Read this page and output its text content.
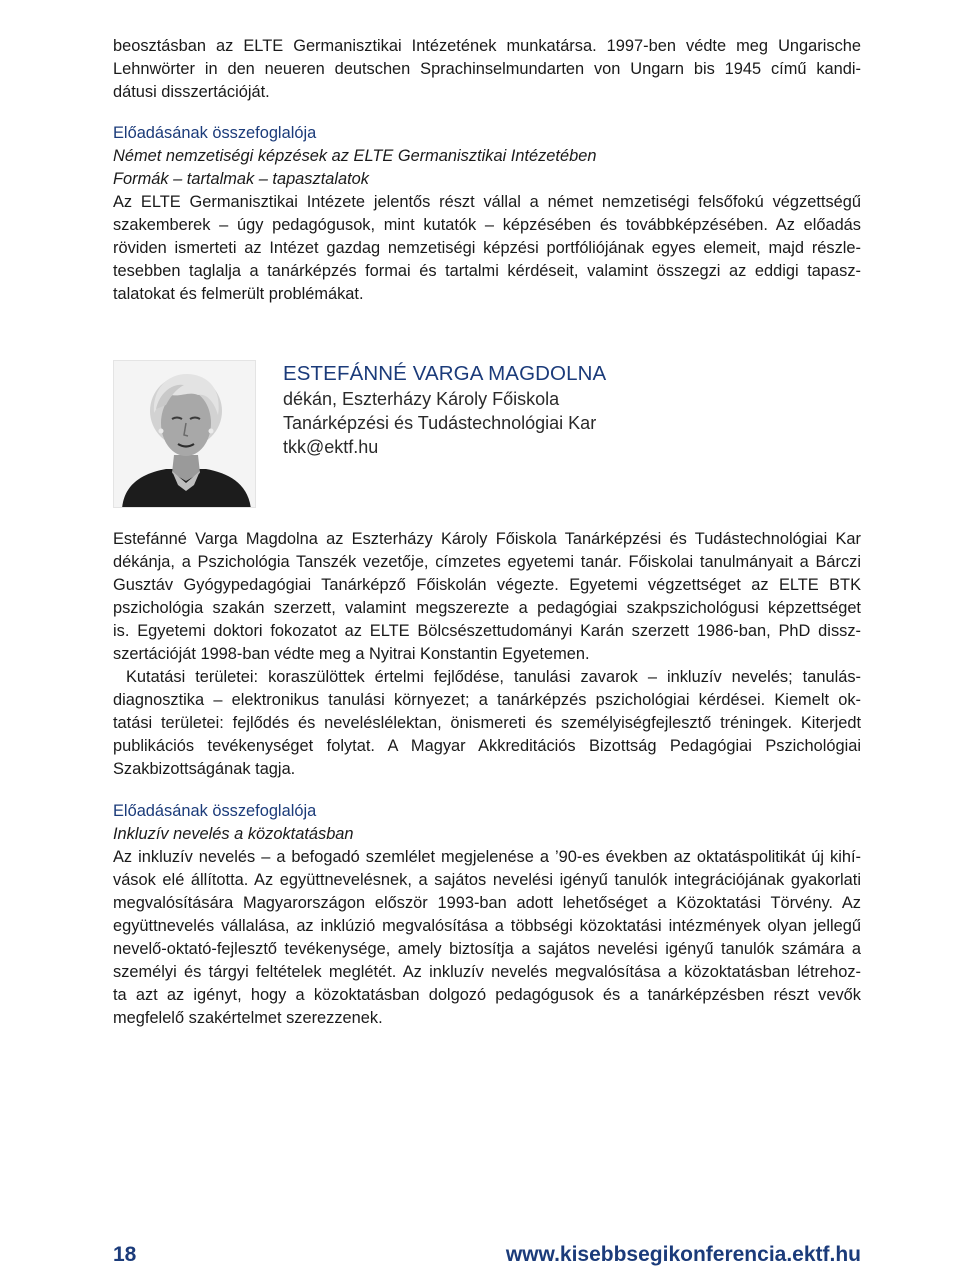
beosztásban az ELTE Germanisztikai Intézetének munkatársa. 1997-ben védte meg Ungarische
Lehnwörter in den neueren deutschen Sprachinselmundarten von Ungarn bis 1945 című kandi-
dátusi disszertációját.
Előadásának összefoglalója
Német nemzetiségi képzések az ELTE Germanisztikai Intézetében
Formák – tartalmak – tapasztalatok
Az ELTE Germanisztikai Intézete jelentős részt vállal a német nemzetiségi felsőfokú végzettségű
szakemberek – úgy pedagógusok, mint kutatók – képzésében és továbbképzésében. Az előadás
röviden ismerteti az Intézet gazdag nemzetiségi képzési portfóliójának egyes elemeit, majd részle-
tesebben taglalja a tanárképzés formai és tartalmi kérdéseit, valamint összegzi az eddigi tapasz-
talatokat és felmerült problémákat.
ESTEFÁNNÉ VARGA MAGDOLNA
dékán, Eszterházy Károly Főiskola
Tanárképzési és Tudástechnológiai Kar
tkk@ektf.hu
Estefánné Varga Magdolna az Eszterházy Károly Főiskola Tanárképzési és Tudástechnológiai Kar
dékánja, a Pszichológia Tanszék vezetője, címzetes egyetemi tanár. Főiskolai tanulmányait a Bárczi
Gusztáv Gyógypedagógiai Tanárképző Főiskolán végezte. Egyetemi végzettséget az ELTE BTK
pszichológia szakán szerzett, valamint megszerezte a pedagógiai szakpszichológusi képzettséget
is. Egyetemi doktori fokozatot az ELTE Bölcsészettudományi Karán szerzett 1986-ban, PhD dissz-
szertációját 1998-ban védte meg a Nyitrai Konstantin Egyetemen.
Kutatási területei: koraszülöttek értelmi fejlődése, tanulási zavarok – inkluzív nevelés; tanulás-
diagnosztika – elektronikus tanulási környezet; a tanárképzés pszichológiai kérdései. Kiemelt ok-
tatási területei: fejlődés és neveléslélektan, önismereti és személyiségfejlesztő tréningek. Kiterjedt
publikációs tevékenységet folytat. A Magyar Akkreditációs Bizottság Pedagógiai Pszichológiai
Szakbizottságának tagja.
Előadásának összefoglalója
Inkluzív nevelés a közoktatásban
Az inkluzív nevelés – a befogadó szemlélet megjelenése a ’90-es években az oktatáspolitikát új kihí-
vások elé állította. Az együttnevelésnek, a sajátos nevelési igényű tanulók integrációjának gyakorlati
megvalósítására Magyarországon először 1993-ban adott lehetőséget a Közoktatási Törvény. Az
együttnevelés vállalása, az inklúzió megvalósítása a többségi közoktatási intézmények olyan jellegű
nevelő-oktató-fejlesztő tevékenysége, amely biztosítja a sajátos nevelési igényű tanulók számára a
személyi és tárgyi feltételek meglétét. Az inkluzív nevelés megvalósítása a közoktatásban létrehoz-
ta azt az igényt, hogy a közoktatásban dolgozó pedagógusok és a tanárképzésben részt vevők
megfelelő szakértelmet szerezzenek.
18	www.kisebbsegikonferencia.ektf.hu
